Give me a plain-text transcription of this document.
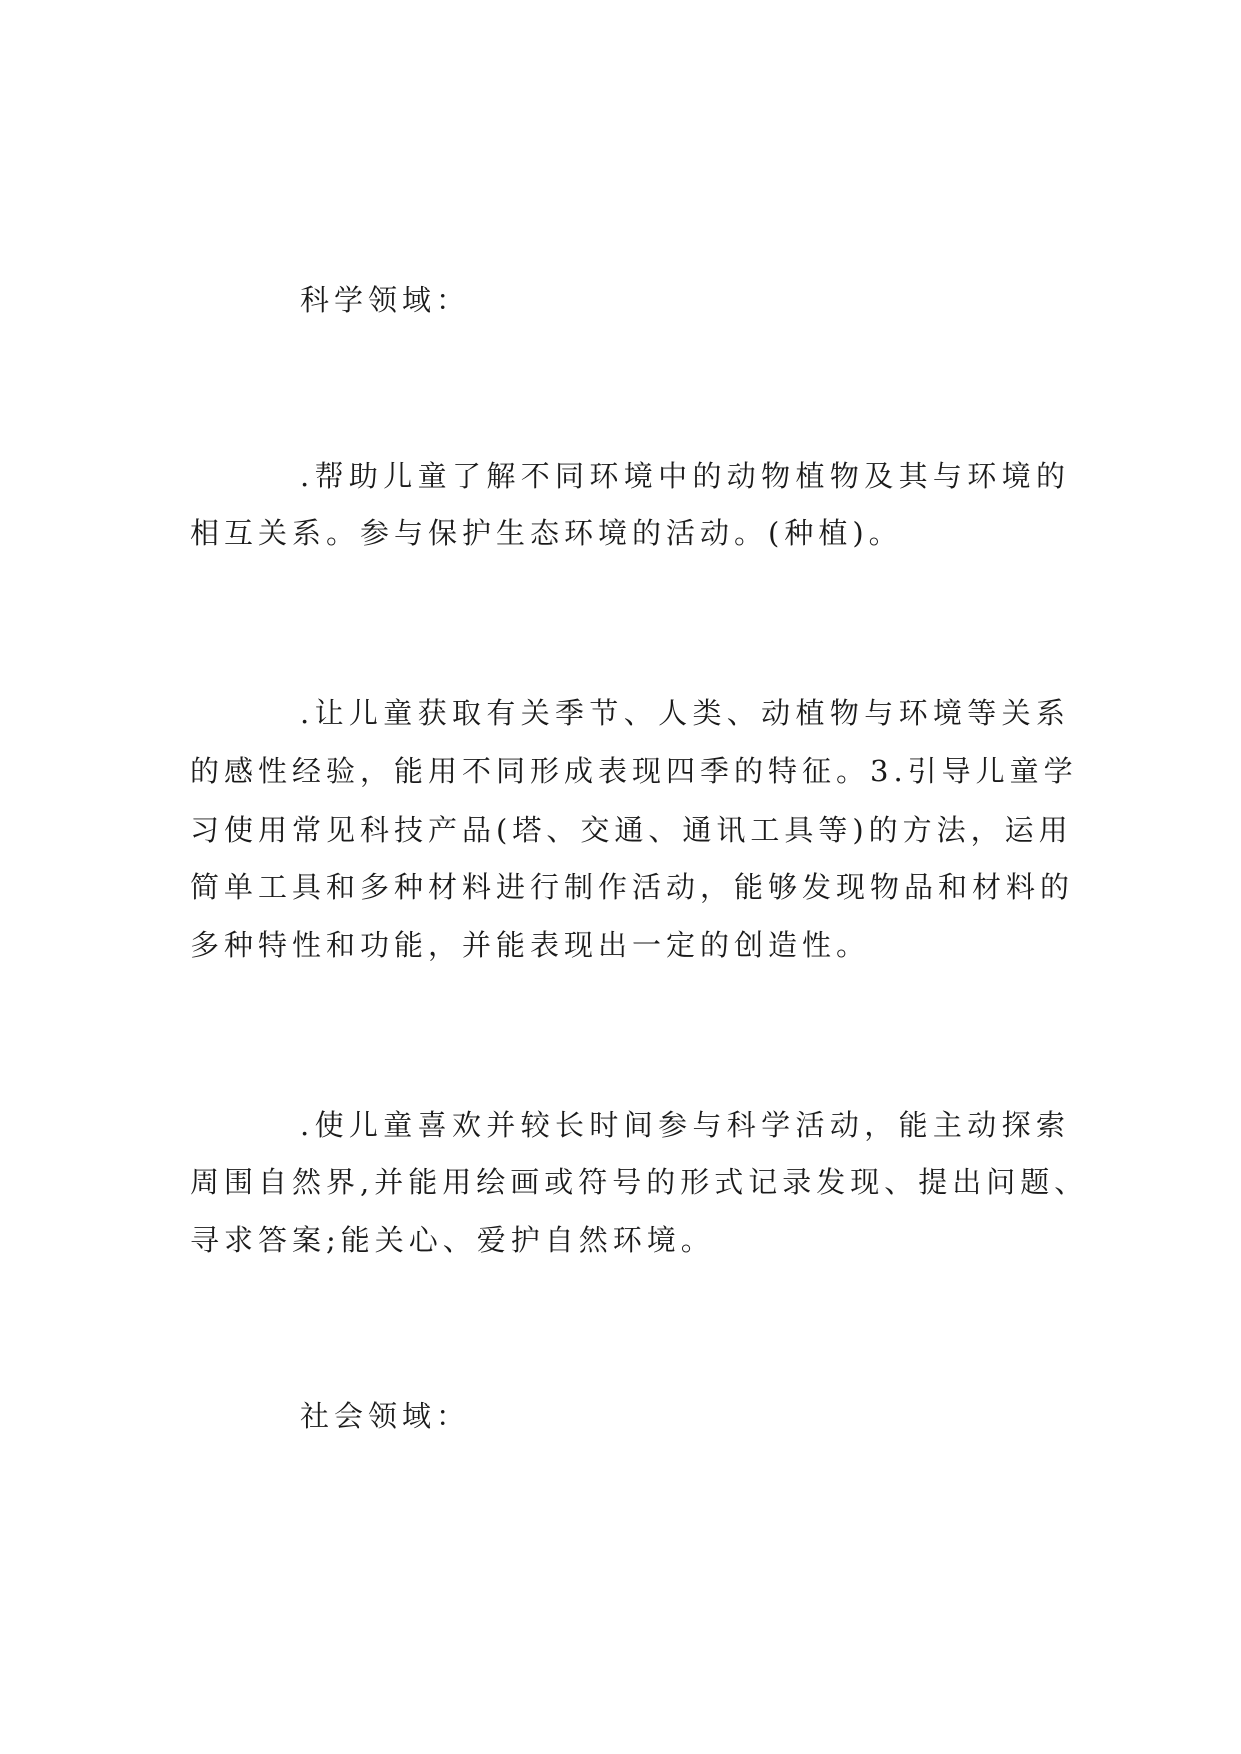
科学领域：
.帮助儿童了解不同环境中的动物植物及其与环境的
相互关系。参与保护生态环境的活动。(种植)。
.让儿童获取有关季节、人类、动植物与环境等关系
的感性经验，能用不同形成表现四季的特征。3.引导儿童学
习使用常见科技产品(塔、交通、通讯工具等)的方法，运用
简单工具和多种材料进行制作活动，能够发现物品和材料的
多种特性和功能，并能表现出一定的创造性。
.使儿童喜欢并较长时间参与科学活动，能主动探索
周围自然界,并能用绘画或符号的形式记录发现、提出问题、
寻求答案;能关心、爱护自然环境。
社会领域：
